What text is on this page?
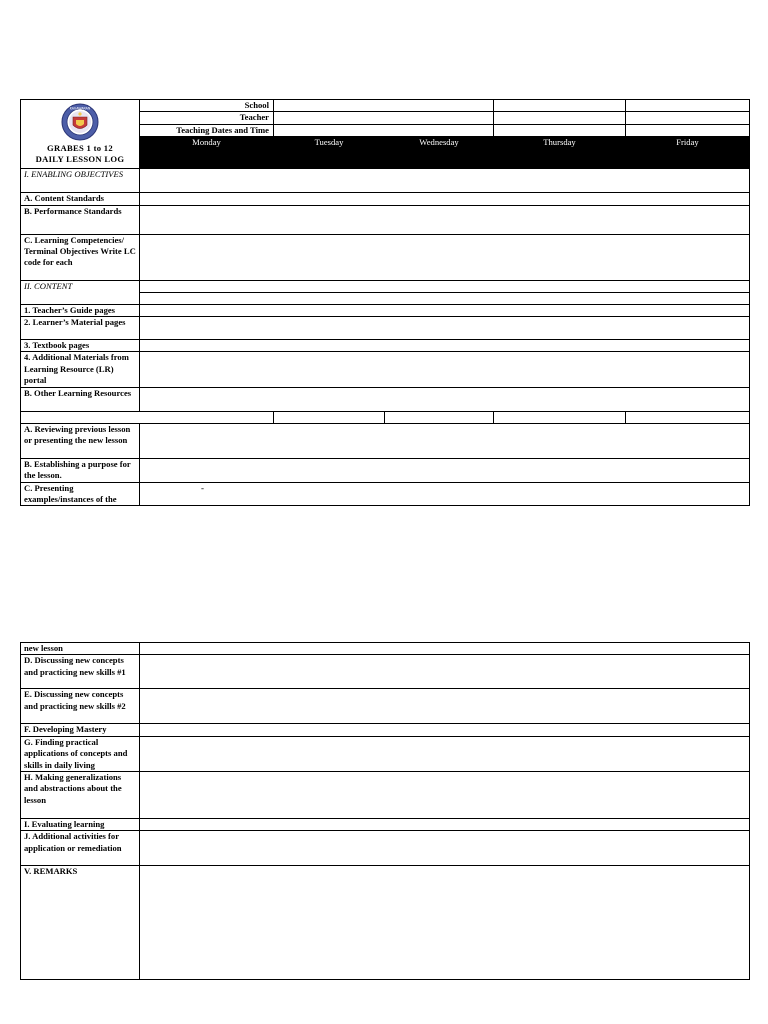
KAGAWARAN
GRABES 1 to 12
DAILY LESSON LOG	School				
	Teacher				
	Teaching Dates and Time				
	Monday	Tuesday	Wednesday	Thursday	Friday
I. ENABLING OBJECTIVES					
A. Content Standards					
B. Performance Standards					
C. Learning Competencies/ Terminal Objectives Write LC code for each					
II. CONTENT					

1. Teacher’s Guide pages					
2. Learner’s Material pages					
3. Textbook pages					
4. Additional Materials from Learning Resource (LR) portal					
B. Other Learning Resources					

A. Reviewing previous lesson or presenting the new lesson					
B. Establishing a purpose for the lesson.					
C. Presenting examples/instances of the	-				
new lesson	
D. Discussing new concepts and practicing new skills #1	
E. Discussing new concepts and practicing new skills #2	
F. Developing Mastery	
G. Finding practical applications of concepts and skills in daily living	
H. Making generalizations and abstractions about the lesson	
I. Evaluating learning	
J. Additional activities for application or remediation	
V. REMARKS	
